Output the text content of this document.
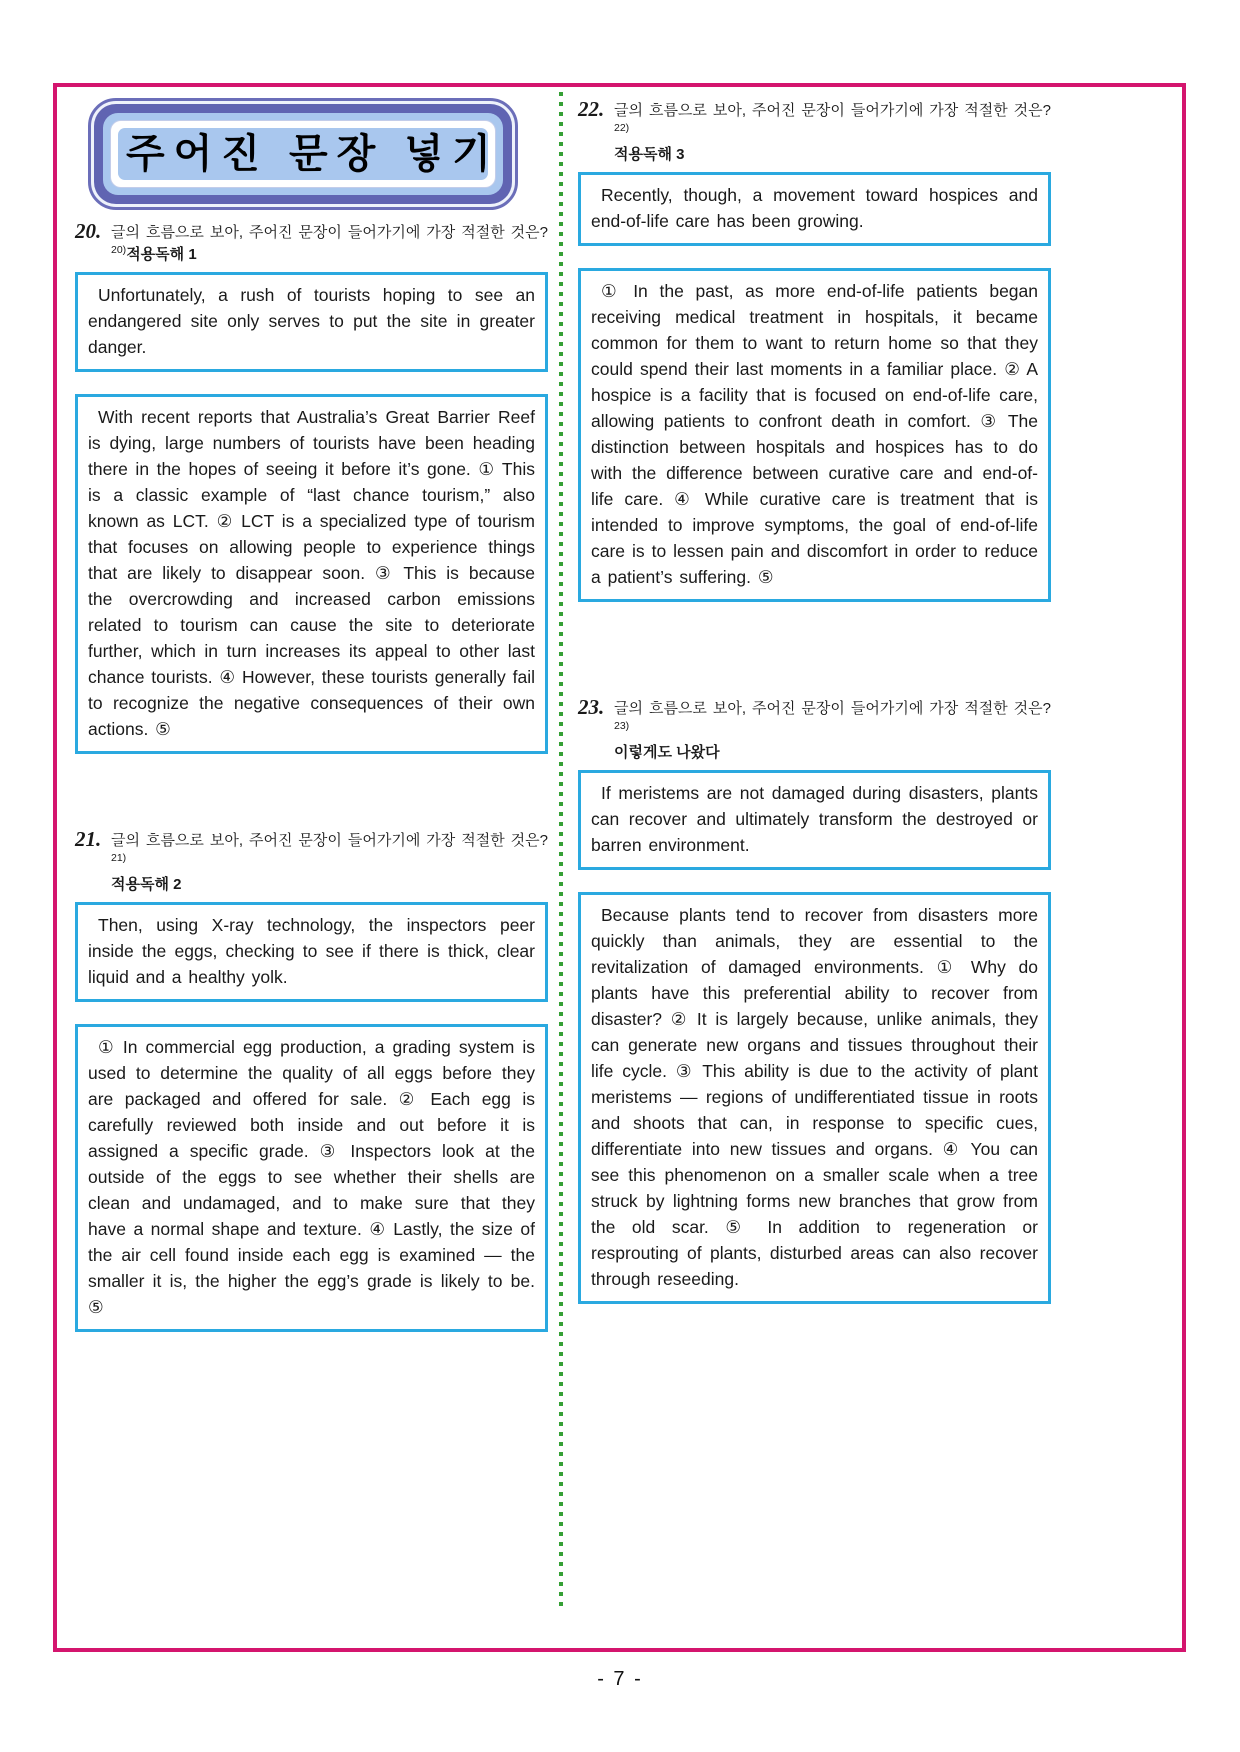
주어진 문장 넣기
20. 글의 흐름으로 보아, 주어진 문장이 들어가기에 가장 적절한 것은?$^{20)}$적용독해 1

Unfortunately, a rush of tourists hoping to see an endangered site only serves to put the site in greater danger.

With recent reports that Australia’s Great Barrier Reef is dying, large numbers of tourists have been heading there in the hopes of seeing it before it’s gone. ① This is a classic example of “last chance tourism,” also known as LCT. ② LCT is a specialized type of tourism that focuses on allowing people to experience things that are likely to disappear soon. ③ This is because the overcrowding and increased carbon emissions related to tourism can cause the site to deteriorate further, which in turn increases its appeal to other last chance tourists. ④ However, these tourists generally fail to recognize the negative consequences of their own actions. ⑤

21. 글의 흐름으로 보아, 주어진 문장이 들어가기에 가장 적절한 것은?$^{21)}$
적용독해 2

Then, using X-ray technology, the inspectors peer inside the eggs, checking to see if there is thick, clear liquid and a healthy yolk.

① In commercial egg production, a grading system is used to determine the quality of all eggs before they are packaged and offered for sale. ② Each egg is carefully reviewed both inside and out before it is assigned a specific grade. ③ Inspectors look at the outside of the eggs to see whether their shells are clean and undamaged, and to make sure that they have a normal shape and texture. ④ Lastly, the size of the air cell found inside each egg is examined — the smaller it is, the higher the egg’s grade is likely to be. ⑤

22. 글의 흐름으로 보아, 주어진 문장이 들어가기에 가장 적절한 것은?$^{22)}$
적용독해 3

Recently, though, a movement toward hospices and end-of-life care has been growing.

① In the past, as more end-of-life patients began receiving medical treatment in hospitals, it became common for them to want to return home so that they could spend their last moments in a familiar place. ② A hospice is a facility that is focused on end-of-life care, allowing patients to confront death in comfort. ③ The distinction between hospitals and hospices has to do with the difference between curative care and end-of-life care. ④ While curative care is treatment that is intended to improve symptoms, the goal of end-of-life care is to lessen pain and discomfort in order to reduce a patient’s suffering. ⑤

23. 글의 흐름으로 보아, 주어진 문장이 들어가기에 가장 적절한 것은?$^{23)}$
이렇게도 나왔다

If meristems are not damaged during disasters, plants can recover and ultimately transform the destroyed or barren environment.

Because plants tend to recover from disasters more quickly than animals, they are essential to the revitalization of damaged environments. ① Why do plants have this preferential ability to recover from disaster? ② It is largely because, unlike animals, they can generate new organs and tissues throughout their life cycle. ③ This ability is due to the activity of plant meristems — regions of undifferentiated tissue in roots and shoots that can, in response to specific cues, differentiate into new tissues and organs. ④ You can see this phenomenon on a smaller scale when a tree struck by lightning forms new branches that grow from the old scar. ⑤ In addition to regeneration or resprouting of plants, disturbed areas can also recover through reseeding.

- 7 -
